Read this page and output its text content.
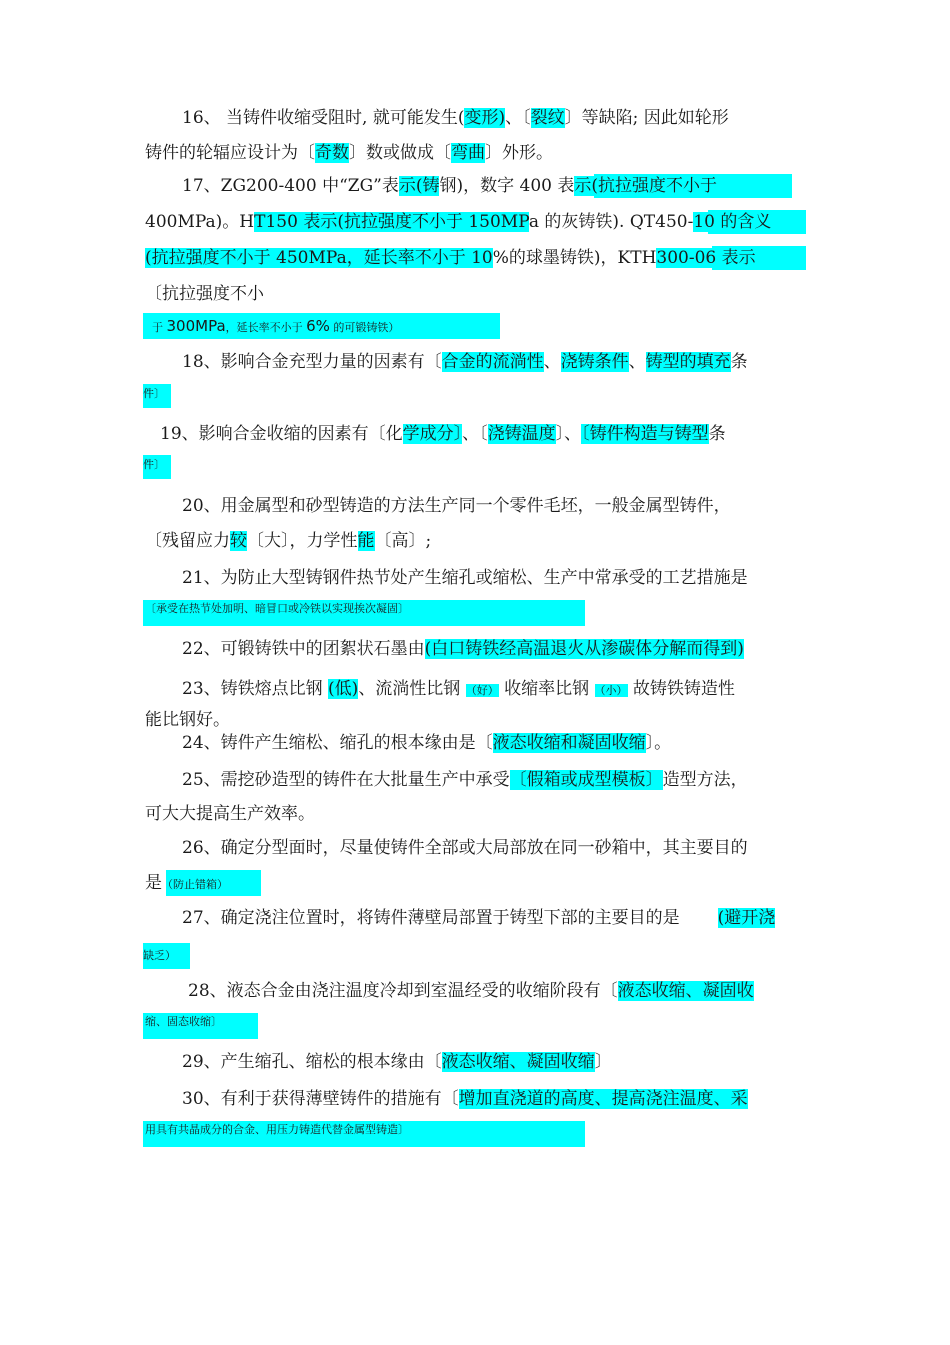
16、 当铸件收缩受阻时, 就可能发生(变形)、〔裂纹〕等缺陷; 因此如轮形
铸件的轮辐应设计为〔奇数〕数或做成〔弯曲〕外形。
17、ZG200-400 中“ZG”表示(铸钢)，数字 400 表示(抗拉强度不小于
400MPa)。HT150 表示(抗拉强度不小于 150MPa 的灰铸铁). QT450-10 的含义
(抗拉强度不小于 450MPa，延长率不小于 10%的球墨铸铁)，KTH300-06 表示
〔抗拉强度不小
于 300MPa，延长率不小于 6% 的可锻铸铁）
18、影响合金充型力量的因素有〔合金的流淌性、浇铸条件、铸型的填充条
件〕
19、影响合金收缩的因素有〔化学成分〕、〔浇铸温度〕、〔铸件构造与铸型条
件〕
20、用金属型和砂型铸造的方法生产同一个零件毛坯，一般金属型铸件，
〔残留应力较〔大〕，力学性能〔高〕;
21、为防止大型铸钢件热节处产生缩孔或缩松、生产中常承受的工艺措施是
〔承受在热节处加明、暗冒口或冷铁以实现挨次凝固〕
22、可锻铸铁中的团絮状石墨由(白口铸铁经高温退火从渗碳体分解而得到)
23、铸铁熔点比钢 (低)、流淌性比钢 （好） 收缩率比钢 （小） 故铸铁铸造性
能比钢好。
24、铸件产生缩松、缩孔的根本缘由是〔液态收缩和凝固收缩〕。
25、需挖砂造型的铸件在大批量生产中承受〔假箱或成型模板〕造型方法，
可大大提高生产效率。
26、确定分型面时，尽量使铸件全部或大局部放在同一砂箱中，其主要目的
是（防止错箱）
27、确定浇注位置时，将铸件薄壁局部置于铸型下部的主要目的是 (避开浇
缺乏）
28、液态合金由浇注温度冷却到室温经受的收缩阶段有〔液态收缩、凝固收
缩、固态收缩〕
29、产生缩孔、缩松的根本缘由〔液态收缩、凝固收缩〕
30、有利于获得薄壁铸件的措施有〔增加直浇道的高度、提高浇注温度、采
用具有共晶成分的合金、用压力铸造代替金属型铸造〕
